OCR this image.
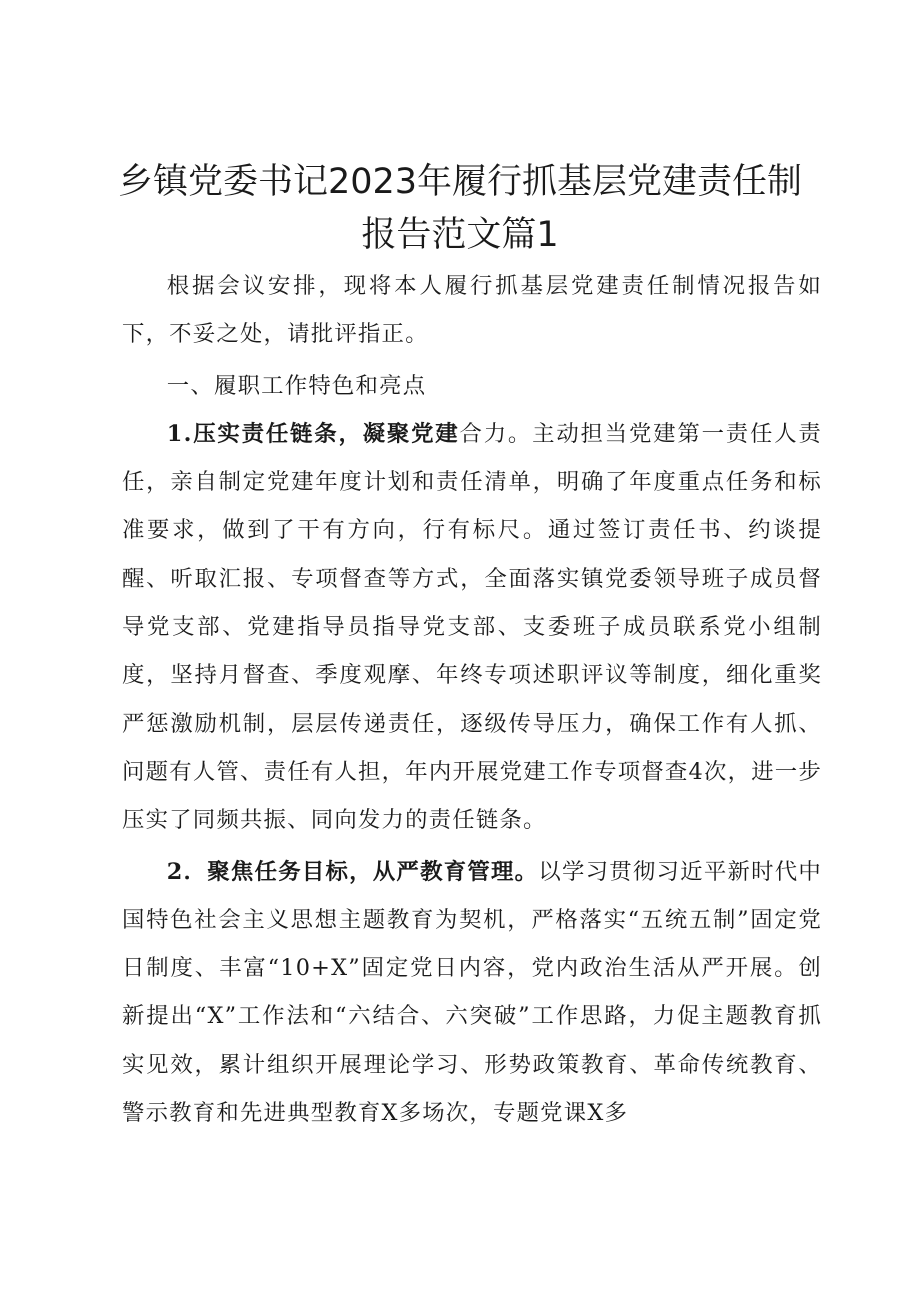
乡镇党委书记2023年履行抓基层党建责任制
报告范文篇1

根据会议安排，现将本人履行抓基层党建责任制情况报告如下，不妥之处，请批评指正。

一、履职工作特色和亮点

1.压实责任链条，凝聚党建合力。主动担当党建第一责任人责任，亲自制定党建年度计划和责任清单，明确了年度重点任务和标准要求，做到了干有方向，行有标尺。通过签订责任书、约谈提醒、听取汇报、专项督查等方式，全面落实镇党委领导班子成员督导党支部、党建指导员指导党支部、支委班子成员联系党小组制度，坚持月督查、季度观摩、年终专项述职评议等制度，细化重奖严惩激励机制，层层传递责任，逐级传导压力，确保工作有人抓、问题有人管、责任有人担，年内开展党建工作专项督查4次，进一步压实了同频共振、同向发力的责任链条。

2．聚焦任务目标，从严教育管理。以学习贯彻习近平新时代中国特色社会主义思想主题教育为契机，严格落实“五统五制”固定党日制度、丰富“10+X”固定党日内容，党内政治生活从严开展。创新提出“X”工作法和“六结合、六突破”工作思路，力促主题教育抓实见效，累计组织开展理论学习、形势政策教育、革命传统教育、警示教育和先进典型教育X多场次，专题党课X多
